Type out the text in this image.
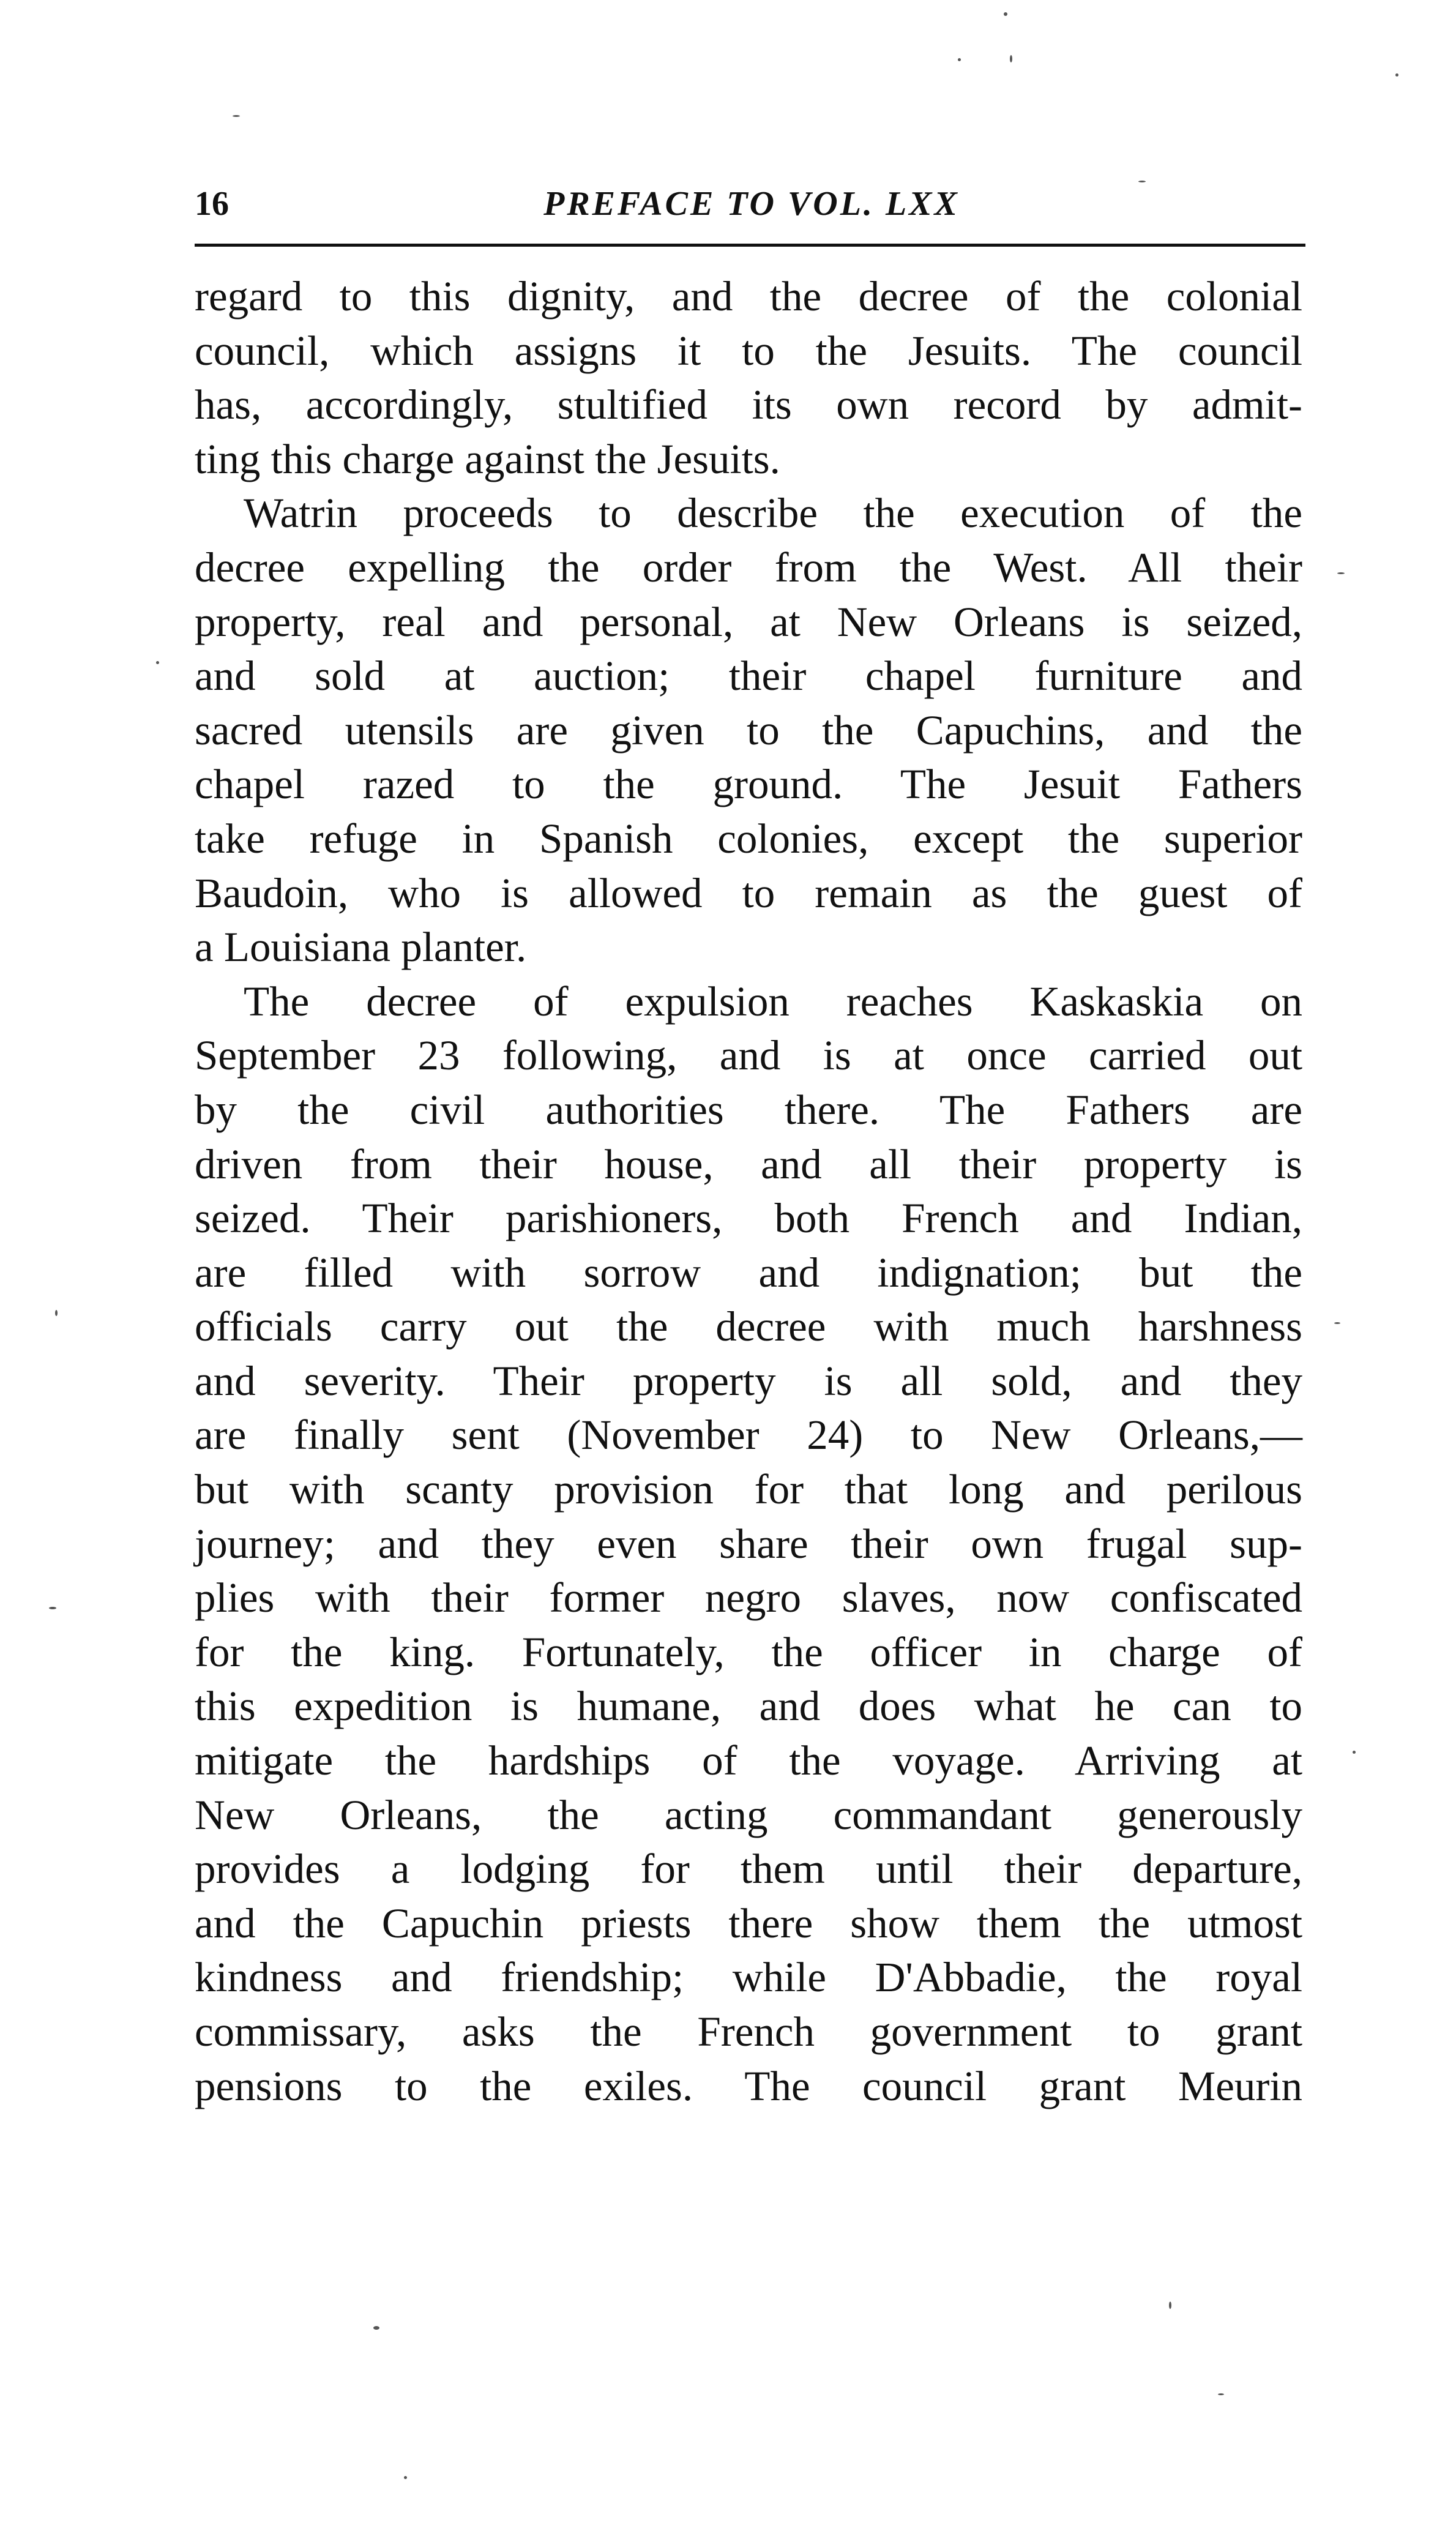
16	PREFACE TO VOL. LXX
regard to this dignity, and the decree of the colonial
council, which assigns it to the Jesuits. The council
has, accordingly, stultified its own record by admit-
ting this charge against the Jesuits.
Watrin proceeds to describe the execution of the
decree expelling the order from the West. All their
property, real and personal, at New Orleans is seized,
and sold at auction; their chapel furniture and
sacred utensils are given to the Capuchins, and the
chapel razed to the ground. The Jesuit Fathers
take refuge in Spanish colonies, except the superior
Baudoin, who is allowed to remain as the guest of
a Louisiana planter.
The decree of expulsion reaches Kaskaskia on
September 23 following, and is at once carried out
by the civil authorities there. The Fathers are
driven from their house, and all their property is
seized. Their parishioners, both French and Indian,
are filled with sorrow and indignation; but the
officials carry out the decree with much harshness
and severity. Their property is all sold, and they
are finally sent (November 24) to New Orleans,—
but with scanty provision for that long and perilous
journey; and they even share their own frugal sup-
plies with their former negro slaves, now confiscated
for the king. Fortunately, the officer in charge of
this expedition is humane, and does what he can to
mitigate the hardships of the voyage. Arriving at
New Orleans, the acting commandant generously
provides a lodging for them until their departure,
and the Capuchin priests there show them the utmost
kindness and friendship; while D'Abbadie, the royal
commissary, asks the French government to grant
pensions to the exiles. The council grant Meurin
